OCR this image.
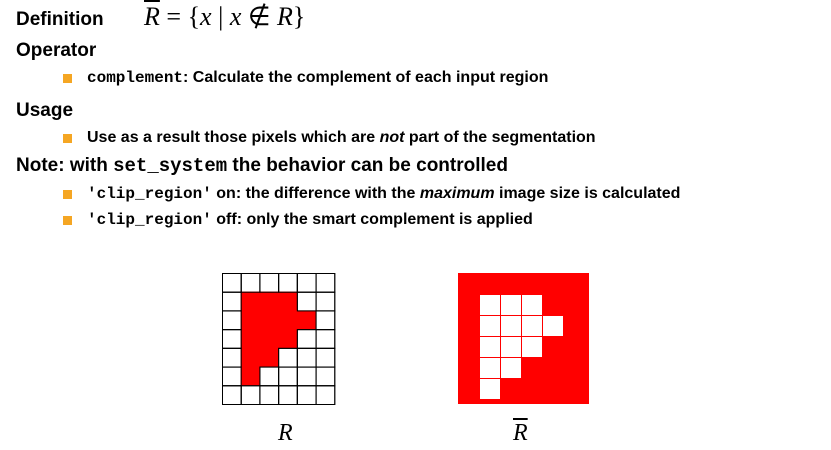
Definition $\overline{R} = \{x$ | x ∉ R}
Operator
complement: Calculate the complement of each input region
Usage
Use as a result those pixels which are not part of the segmentation
Note: with set_system the behavior can be controlled
'clip_region' on: the difference with the maximum image size is calculated
'clip_region' off: only the smart complement is applied
R	$\overline{R}$
